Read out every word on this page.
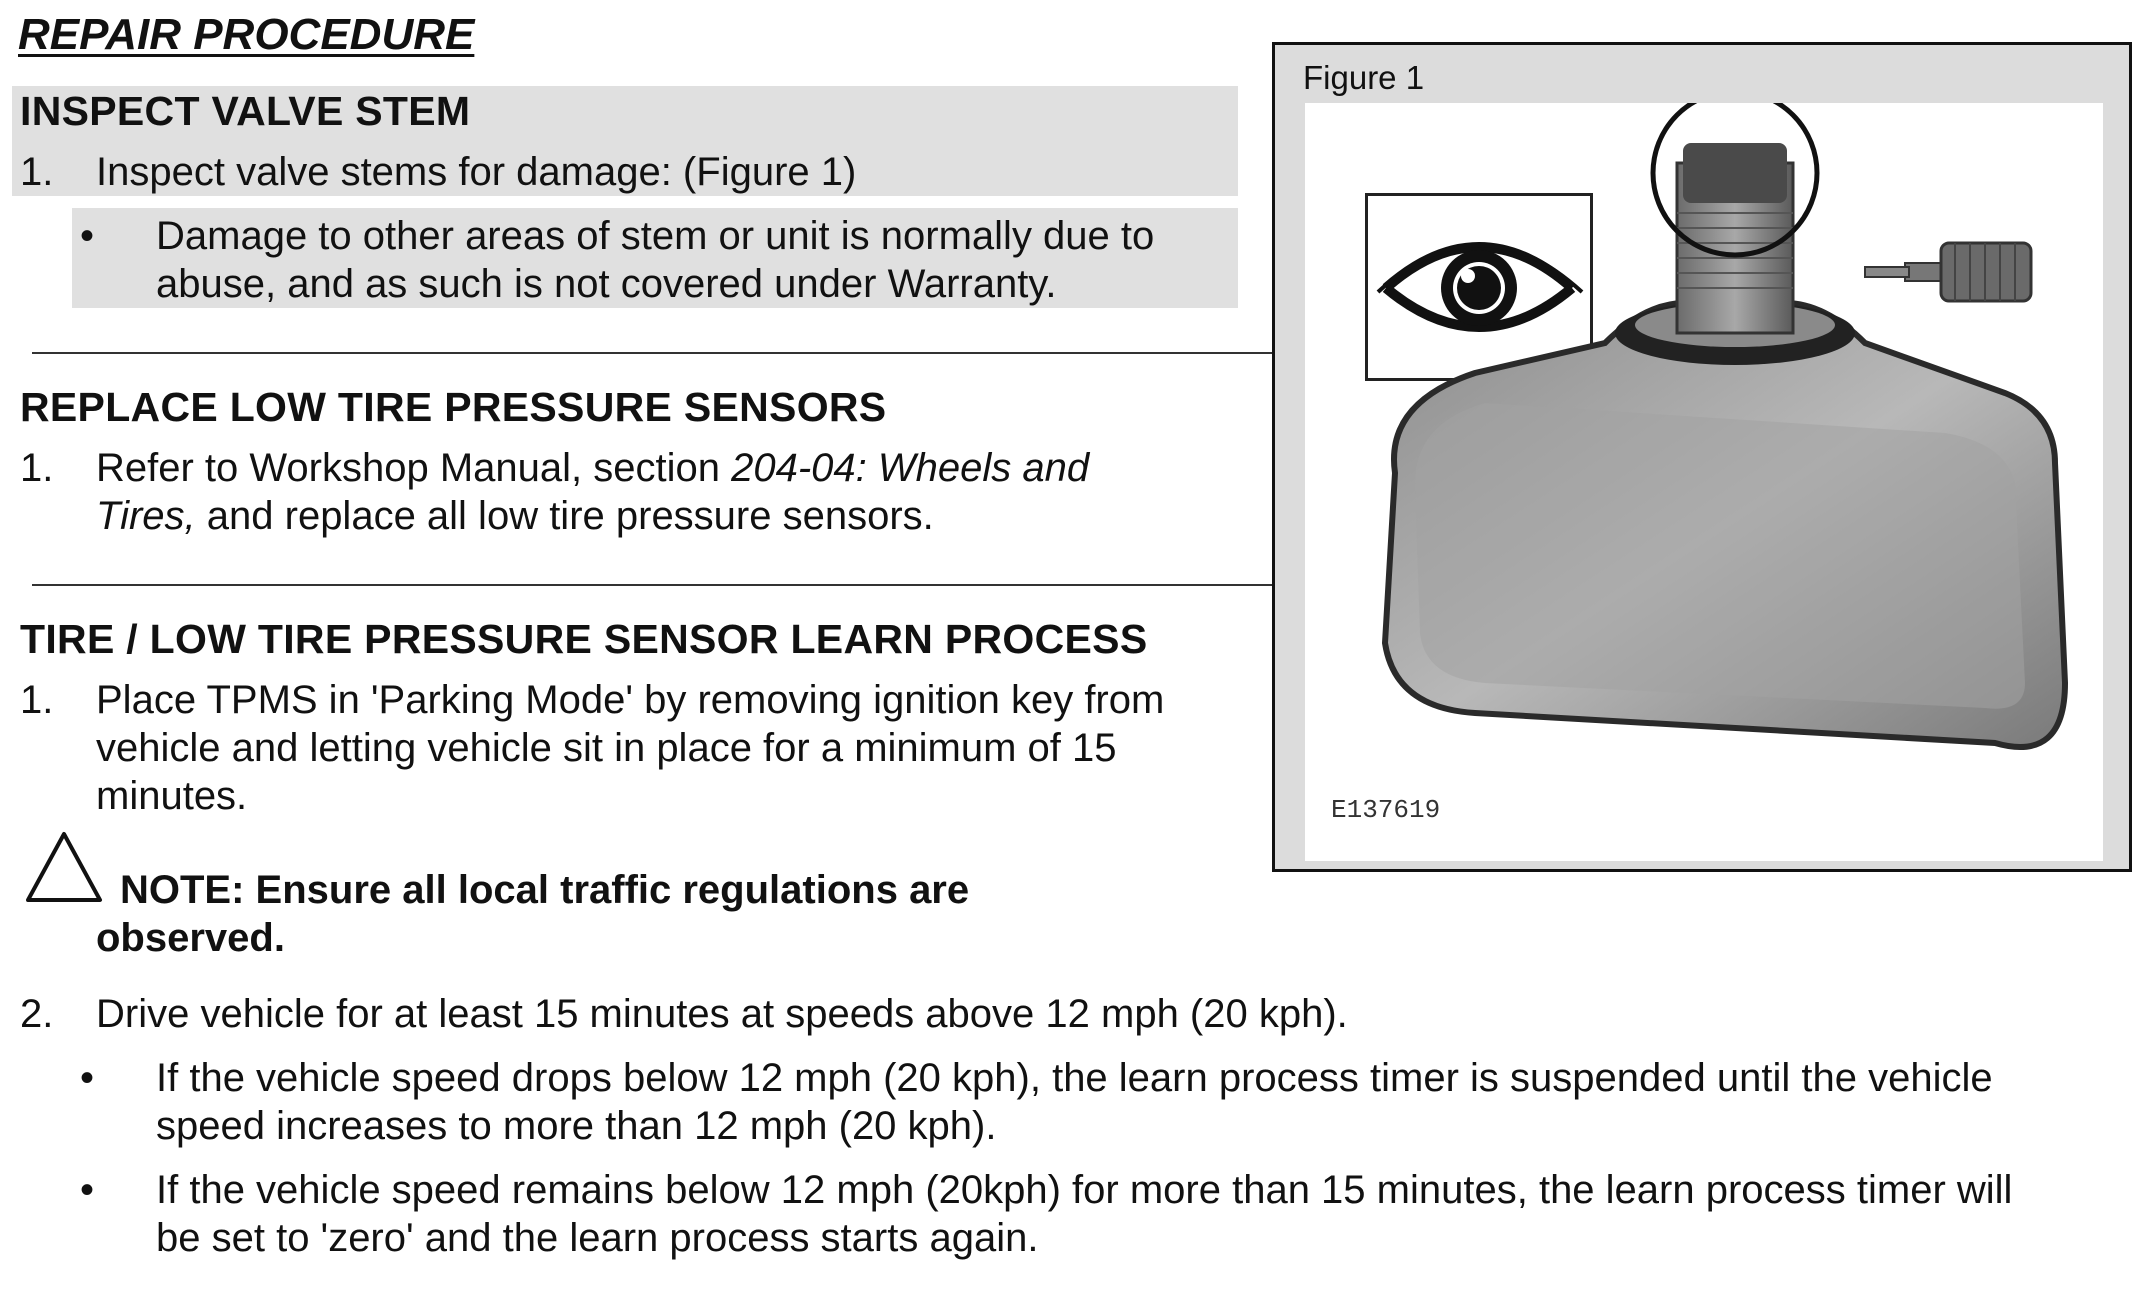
REPAIR PROCEDURE
INSPECT VALVE STEM
1. Inspect valve stems for damage: (Figure 1)
• Damage to other areas of stem or unit is normally due to
abuse, and as such is not covered under Warranty.
REPLACE LOW TIRE PRESSURE SENSORS
1. Refer to Workshop Manual, section 204-04: Wheels and
Tires, and replace all low tire pressure sensors.
TIRE / LOW TIRE PRESSURE SENSOR LEARN PROCESS
1. Place TPMS in 'Parking Mode' by removing ignition key from
vehicle and letting vehicle sit in place for a minimum of 15
minutes.
NOTE: Ensure all local traffic regulations are
observed.
2. Drive vehicle for at least 15 minutes at speeds above 12 mph (20 kph).
• If the vehicle speed drops below 12 mph (20 kph), the learn process timer is suspended until the vehicle
speed increases to more than 12 mph (20 kph).
• If the vehicle speed remains below 12 mph (20kph) for more than 15 minutes, the learn process timer will
be set to 'zero' and the learn process starts again.
Figure 1
E137619
